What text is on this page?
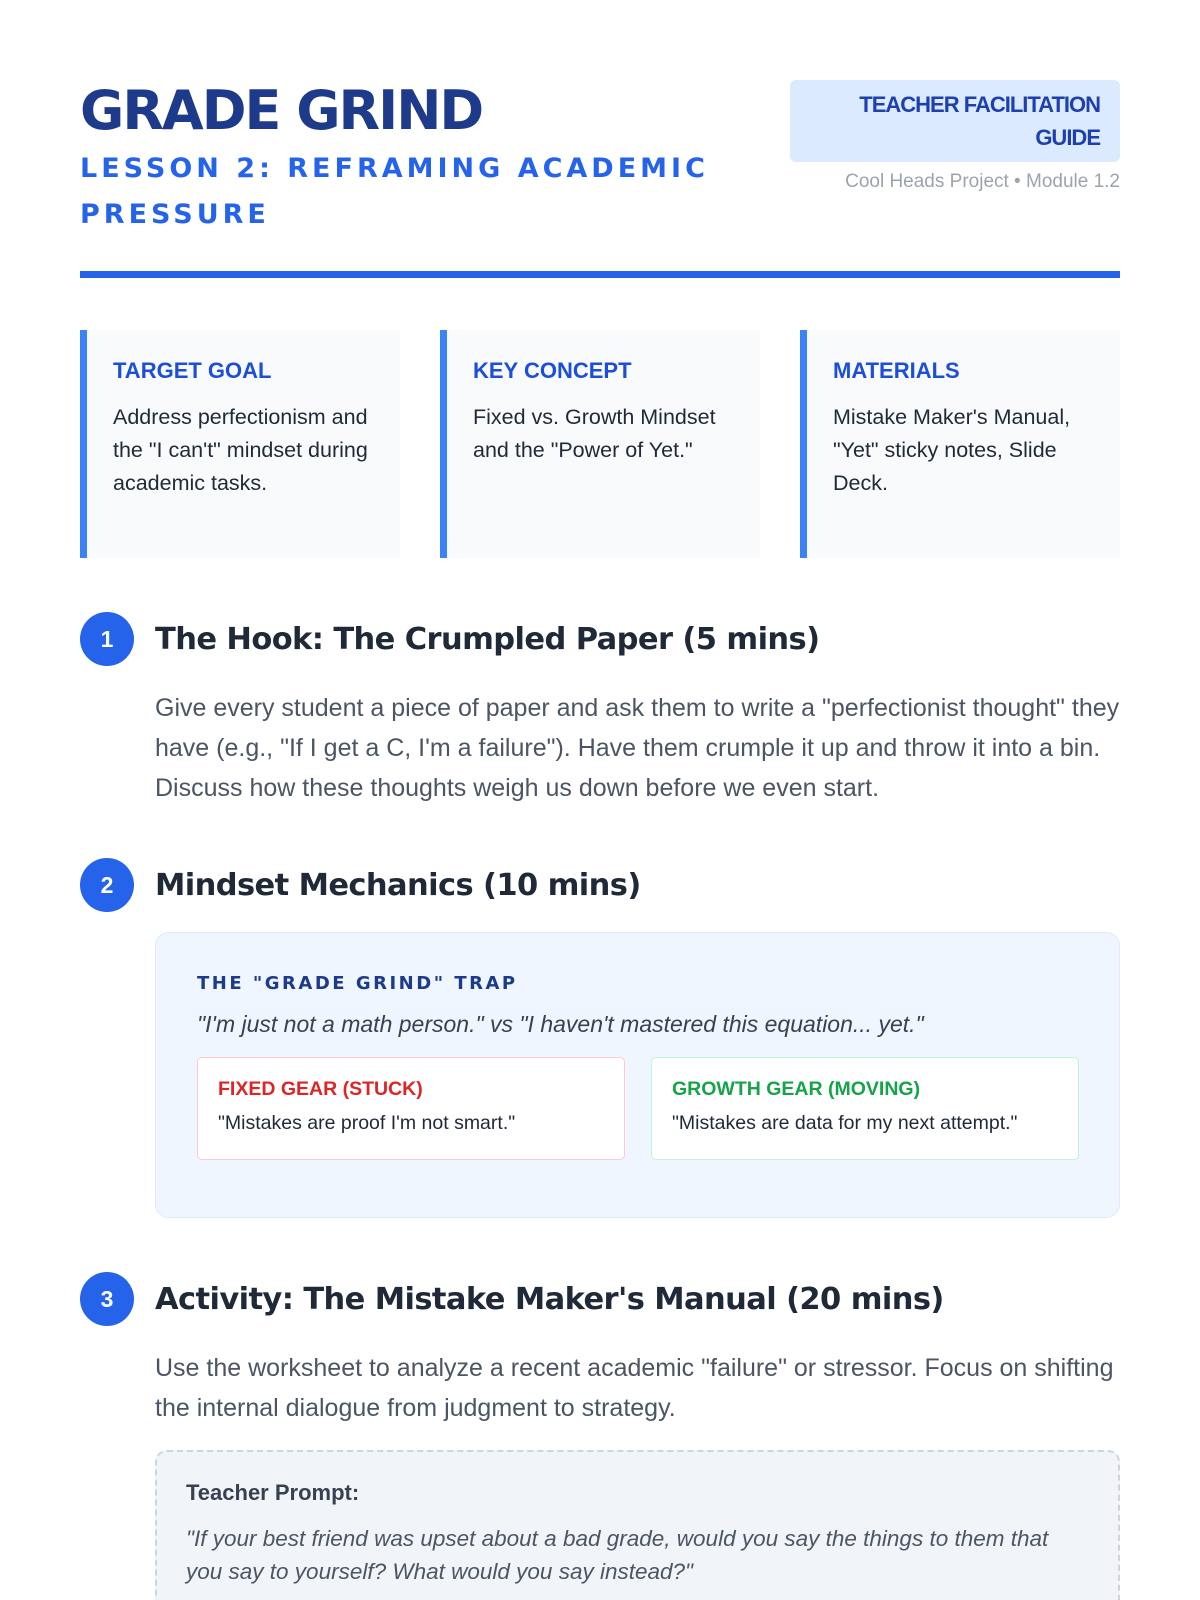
GRADE GRIND
LESSON 2: REFRAMING ACADEMIC PRESSURE
TEACHER FACILITATION GUIDE
Cool Heads Project • Module 1.2
TARGET GOAL
Address perfectionism and the "I can't" mindset during academic tasks.
KEY CONCEPT
Fixed vs. Growth Mindset and the "Power of Yet."
MATERIALS
Mistake Maker's Manual, "Yet" sticky notes, Slide Deck.
1	The Hook: The Crumpled Paper (5 mins)
Give every student a piece of paper and ask them to write a "perfectionist thought" they have (e.g., "If I get a C, I'm a failure"). Have them crumple it up and throw it into a bin. Discuss how these thoughts weigh us down before we even start.
2	Mindset Mechanics (10 mins)
THE "GRADE GRIND" TRAP
"I'm just not a math person." vs "I haven't mastered this equation... yet."
FIXED GEAR (STUCK)
"Mistakes are proof I'm not smart."
GROWTH GEAR (MOVING)
"Mistakes are data for my next attempt."
3	Activity: The Mistake Maker's Manual (20 mins)
Use the worksheet to analyze a recent academic "failure" or stressor. Focus on shifting the internal dialogue from judgment to strategy.
Teacher Prompt:
"If your best friend was upset about a bad grade, would you say the things to them that you say to yourself? What would you say instead?"
